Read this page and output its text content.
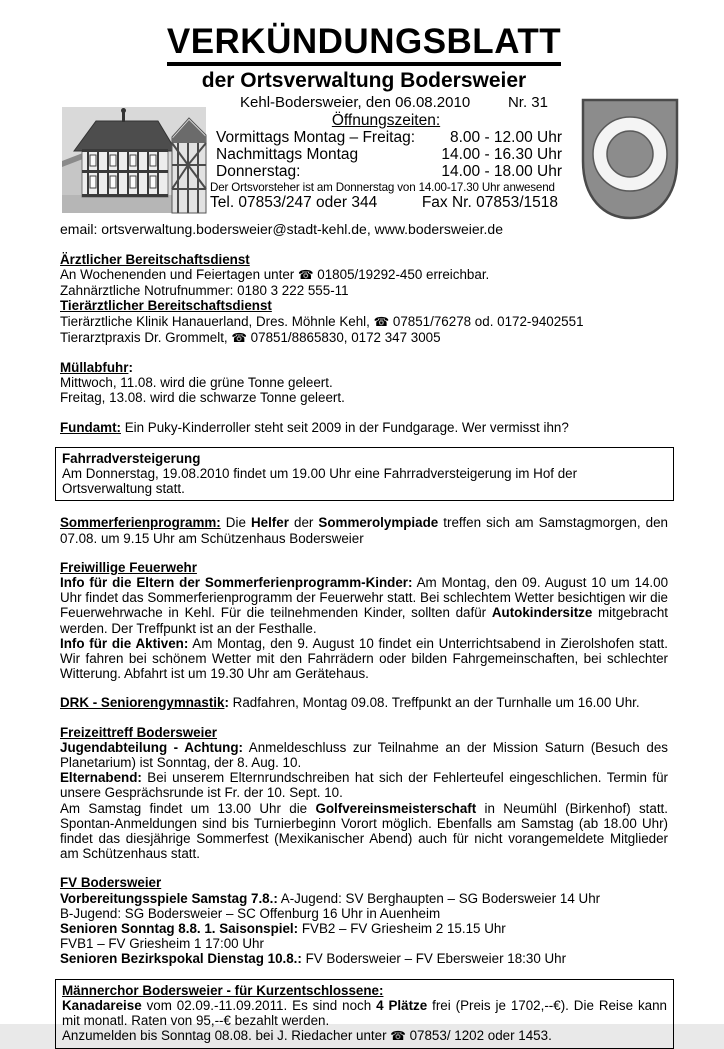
VERKÜNDUNGSBLATT
der Ortsverwaltung Bodersweier
Kehl-Bodersweier, den 06.08.2010	Nr. 31
Öffnungszeiten:
Vormittags Montag – Freitag: 8.00 - 12.00 Uhr
Nachmittags Montag	14.00 - 16.30 Uhr
Donnerstag:	14.00 - 18.00 Uhr
Der Ortsvorsteher ist am Donnerstag von 14.00-17.30 Uhr anwesend
Tel. 07853/247 oder 344	Fax Nr. 07853/1518
email: ortsverwaltung.bodersweier@stadt-kehl.de, www.bodersweier.de
Ärztlicher Bereitschaftsdienst
An Wochenenden und Feiertagen unter ☎ 01805/19292-450 erreichbar.
Zahnärztliche Notrufnummer: 0180 3 222 555-11
Tierärztlicher Bereitschaftsdienst
Tierärztliche Klinik Hanauerland, Dres. Möhnle Kehl, ☎ 07851/76278 od. 0172-9402551
Tierarztpraxis Dr. Grommelt, ☎ 07851/8865830, 0172 347 3005
Müllabfuhr:
Mittwoch, 11.08. wird die grüne Tonne geleert.
Freitag, 13.08. wird die schwarze Tonne geleert.
Fundamt: Ein Puky-Kinderroller steht seit 2009 in der Fundgarage. Wer vermisst ihn?
Fahrradversteigerung
Am Donnerstag, 19.08.2010 findet um 19.00 Uhr eine Fahrradversteigerung im Hof der Ortsverwaltung statt.

Sommerferienprogramm: Die Helfer der Sommerolympiade treffen sich am Samstagmorgen, den 07.08. um 9.15 Uhr am Schützenhaus Bodersweier

Freiwillige Feuerwehr

Info für die Eltern der Sommerferienprogramm-Kinder: Am Montag, den 09. August 10 um 14.00 Uhr findet das Sommerferienprogramm der Feuerwehr statt. Bei schlechtem Wetter besichtigen wir die Feuerwehrwache in Kehl. Für die teilnehmenden Kinder, sollten dafür Autokindersitze mitgebracht werden. Der Treffpunkt ist an der Festhalle.

Info für die Aktiven: Am Montag, den 9. August 10 findet ein Unterrichtsabend in Zierolshofen statt. Wir fahren bei schönem Wetter mit den Fahrrädern oder bilden Fahrgemeinschaften, bei schlechter Witterung. Abfahrt ist um 19.30 Uhr am Gerätehaus.

DRK - Seniorengymnastik: Radfahren, Montag 09.08. Treffpunkt an der Turnhalle um 16.00 Uhr.
Freizeittreff Bodersweier

Jugendabteilung - Achtung: Anmeldeschluss zur Teilnahme an der Mission Saturn (Besuch des Planetarium) ist Sonntag, der 8. Aug. 10.

Elternabend: Bei unserem Elternrundschreiben hat sich der Fehlerteufel eingeschlichen. Termin für unsere Gesprächsrunde ist Fr. der 10. Sept. 10.

Am Samstag findet um 13.00 Uhr die Golfvereinsmeisterschaft in Neumühl (Birkenhof) statt. Spontan-Anmeldungen sind bis Turnierbeginn Vorort möglich. Ebenfalls am Samstag (ab 18.00 Uhr) findet das diesjährige Sommerfest (Mexikanischer Abend) auch für nicht vorangemeldete Mitglieder am Schützenhaus statt.

FV Bodersweier
Vorbereitungsspiele Samstag 7.8.: A-Jugend: SV Berghaupten – SG Bodersweier 14 Uhr
B-Jugend: SG Bodersweier – SC Offenburg 16 Uhr in Auenheim
Senioren Sonntag 8.8. 1. Saisonspiel: FVB2 – FV Griesheim 2 15.15 Uhr
FVB1 – FV Griesheim 1 17:00 Uhr
Senioren Bezirkspokal Dienstag 10.8.: FV Bodersweier – FV Ebersweier 18:30 Uhr
Männerchor Bodersweier - für Kurzentschlossene:

Kanadareise vom 02.09.-11.09.2011. Es sind noch 4 Plätze frei (Preis je 1702,--€). Die Reise kann mit monatl. Raten von 95,--€ bezahlt werden.

Anzumelden bis Sonntag 08.08. bei J. Riedacher unter ☎ 07853/ 1202 oder 1453.
